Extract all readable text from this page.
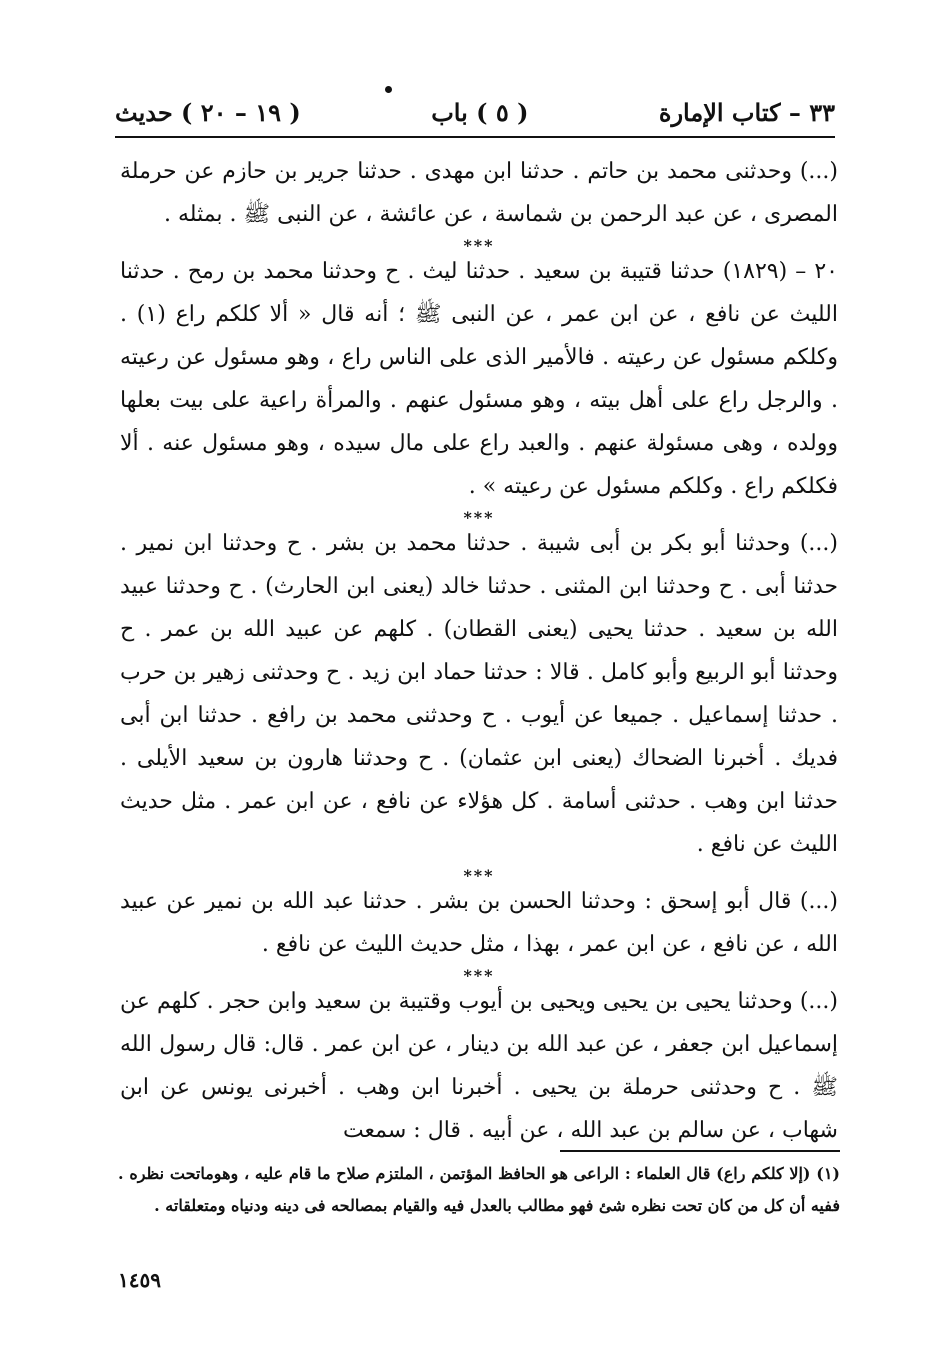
٣٣ – كتاب الإمارة
( ٥ ) باب
( ١٩ – ٢٠ ) حديث

(...) وحدثنى محمد بن حاتم . حدثنا ابن مهدى . حدثنا جرير بن حازم عن حرملة المصرى ، عن عبد الرحمن بن شماسة ، عن عائشة ، عن النبى ﷺ . بمثله .

***

٢٠ – (١٨٢٩) حدثنا قتيبة بن سعيد . حدثنا ليث . ح وحدثنا محمد بن رمح . حدثنا الليث عن نافع ، عن ابن عمر ، عن النبى ﷺ ؛ أنه قال « ألا كلكم راع (١) . وكلكم مسئول عن رعيته . فالأمير الذى على الناس راع ، وهو مسئول عن رعيته . والرجل راع على أهل بيته ، وهو مسئول عنهم . والمرأة راعية على بيت بعلها وولده ، وهى مسئولة عنهم . والعبد راع على مال سيده ، وهو مسئول عنه . ألا فكلكم راع . وكلكم مسئول عن رعيته » .

***

(...) وحدثنا أبو بكر بن أبى شيبة . حدثنا محمد بن بشر . ح وحدثنا ابن نمير . حدثنا أبى . ح وحدثنا ابن المثنى . حدثنا خالد (يعنى ابن الحارث) . ح وحدثنا عبيد الله بن سعيد . حدثنا يحيى (يعنى القطان) . كلهم عن عبيد الله بن عمر . ح وحدثنا أبو الربيع وأبو كامل . قالا : حدثنا حماد ابن زيد . ح وحدثنى زهير بن حرب . حدثنا إسماعيل . جميعا عن أيوب . ح وحدثنى محمد بن رافع . حدثنا ابن أبى فديك . أخبرنا الضحاك (يعنى ابن عثمان) . ح وحدثنا هارون بن سعيد الأيلى . حدثنا ابن وهب . حدثنى أسامة . كل هؤلاء عن نافع ، عن ابن عمر . مثل حديث الليث عن نافع .

***

(...) قال أبو إسحق : وحدثنا الحسن بن بشر . حدثنا عبد الله بن نمير عن عبيد الله ، عن نافع ، عن ابن عمر ، بهذا ، مثل حديث الليث عن نافع .

***

(...) وحدثنا يحيى بن يحيى ويحيى بن أيوب وقتيبة بن سعيد وابن حجر . كلهم عن إسماعيل ابن جعفر ، عن عبد الله بن دينار ، عن ابن عمر . قال: قال رسول الله ﷺ . ح وحدثنى حرملة بن يحيى . أخبرنا ابن وهب . أخبرنى يونس عن ابن شهاب ، عن سالم بن عبد الله ، عن أبيه . قال : سمعت

(١) (إلا كلكم راع) قال العلماء : الراعى هو الحافظ المؤتمن ، الملتزم صلاح ما قام عليه ، وهوماتحت نظره . ففيه أن كل من كان تحت نظره شئ فهو مطالب بالعدل فيه والقيام بمصالحه فى دينه ودنياه ومتعلقاته .
١٤٥٩
